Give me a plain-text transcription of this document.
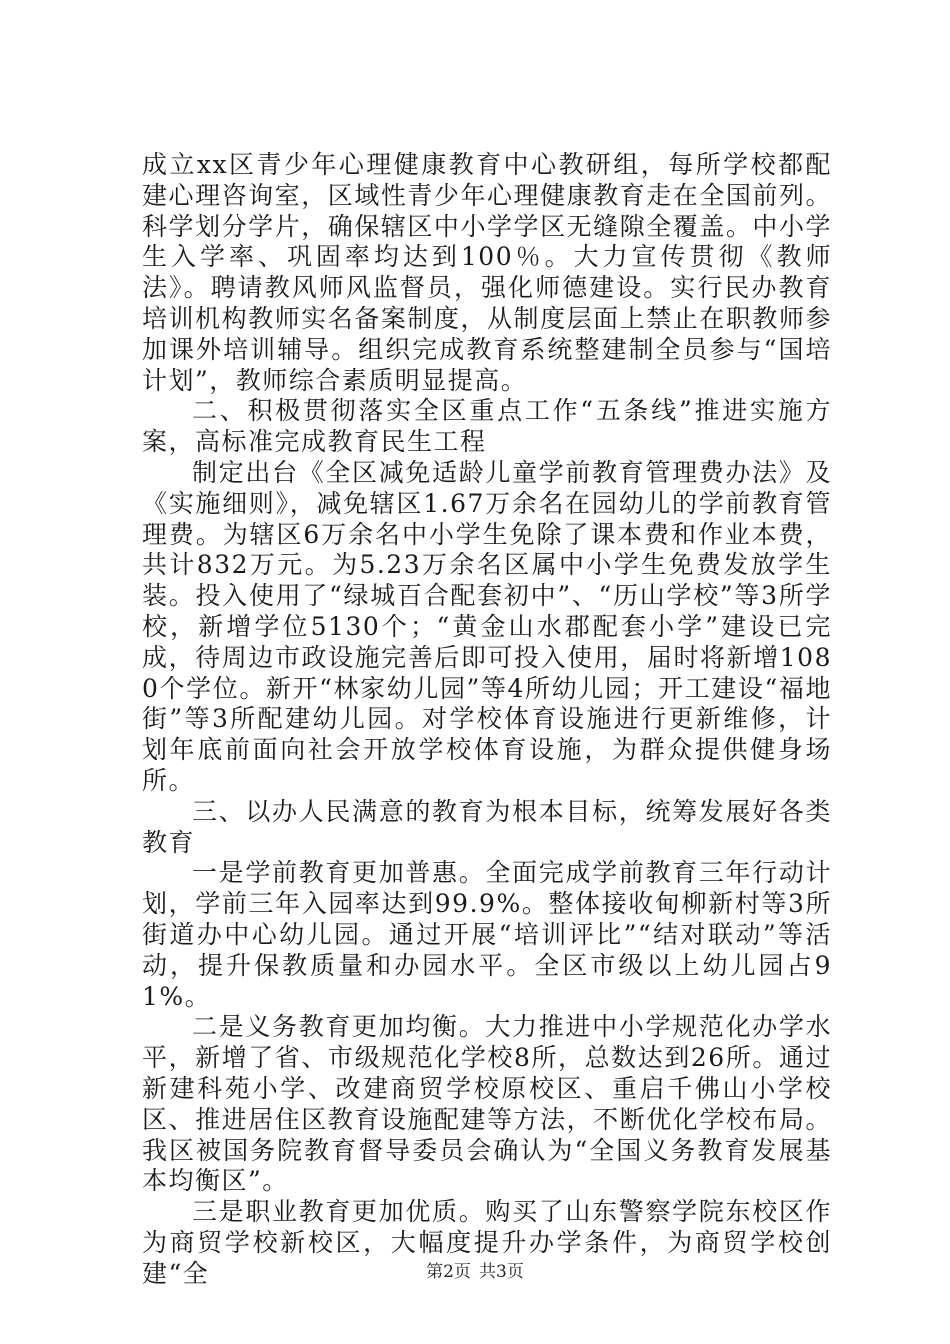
成立xx区青少年心理健康教育中心教研组，每所学校都配建心理咨询室，区域性青少年心理健康教育走在全国前列。科学划分学片，确保辖区中小学学区无缝隙全覆盖。中小学生入学率、巩固率均达到100％。大力宣传贯彻《教师法》。聘请教风师风监督员，强化师德建设。实行民办教育培训机构教师实名备案制度，从制度层面上禁止在职教师参加课外培训辅导。组织完成教育系统整建制全员参与“国培计划”，教师综合素质明显提高。

二、积极贯彻落实全区重点工作“五条线”推进实施方案，高标准完成教育民生工程

制定出台《全区减免适龄儿童学前教育管理费办法》及《实施细则》，减免辖区1.67万余名在园幼儿的学前教育管理费。为辖区6万余名中小学生免除了课本费和作业本费，共计832万元。为5.23万余名区属中小学生免费发放学生装。投入使用了“绿城百合配套初中”、“历山学校”等3所学校，新增学位5130个；“黄金山水郡配套小学”建设已完成，待周边市政设施完善后即可投入使用，届时将新增1080个学位。新开“林家幼儿园”等4所幼儿园；开工建设“福地街”等3所配建幼儿园。对学校体育设施进行更新维修，计划年底前面向社会开放学校体育设施，为群众提供健身场所。

三、以办人民满意的教育为根本目标，统筹发展好各类教育

一是学前教育更加普惠。全面完成学前教育三年行动计划，学前三年入园率达到99.9%。整体接收甸柳新村等3所街道办中心幼儿园。通过开展“培训评比”“结对联动”等活动，提升保教质量和办园水平。全区市级以上幼儿园占91%。

二是义务教育更加均衡。大力推进中小学规范化办学水平，新增了省、市级规范化学校8所，总数达到26所。通过新建科苑小学、改建商贸学校原校区、重启千佛山小学校区、推进居住区教育设施配建等方法，不断优化学校布局。我区被国务院教育督导委员会确认为“全国义务教育发展基本均衡区”。

三是职业教育更加优质。购买了山东警察学院东校区作为商贸学校新校区，大幅度提升办学条件，为商贸学校创建“全	第2页 共3页
